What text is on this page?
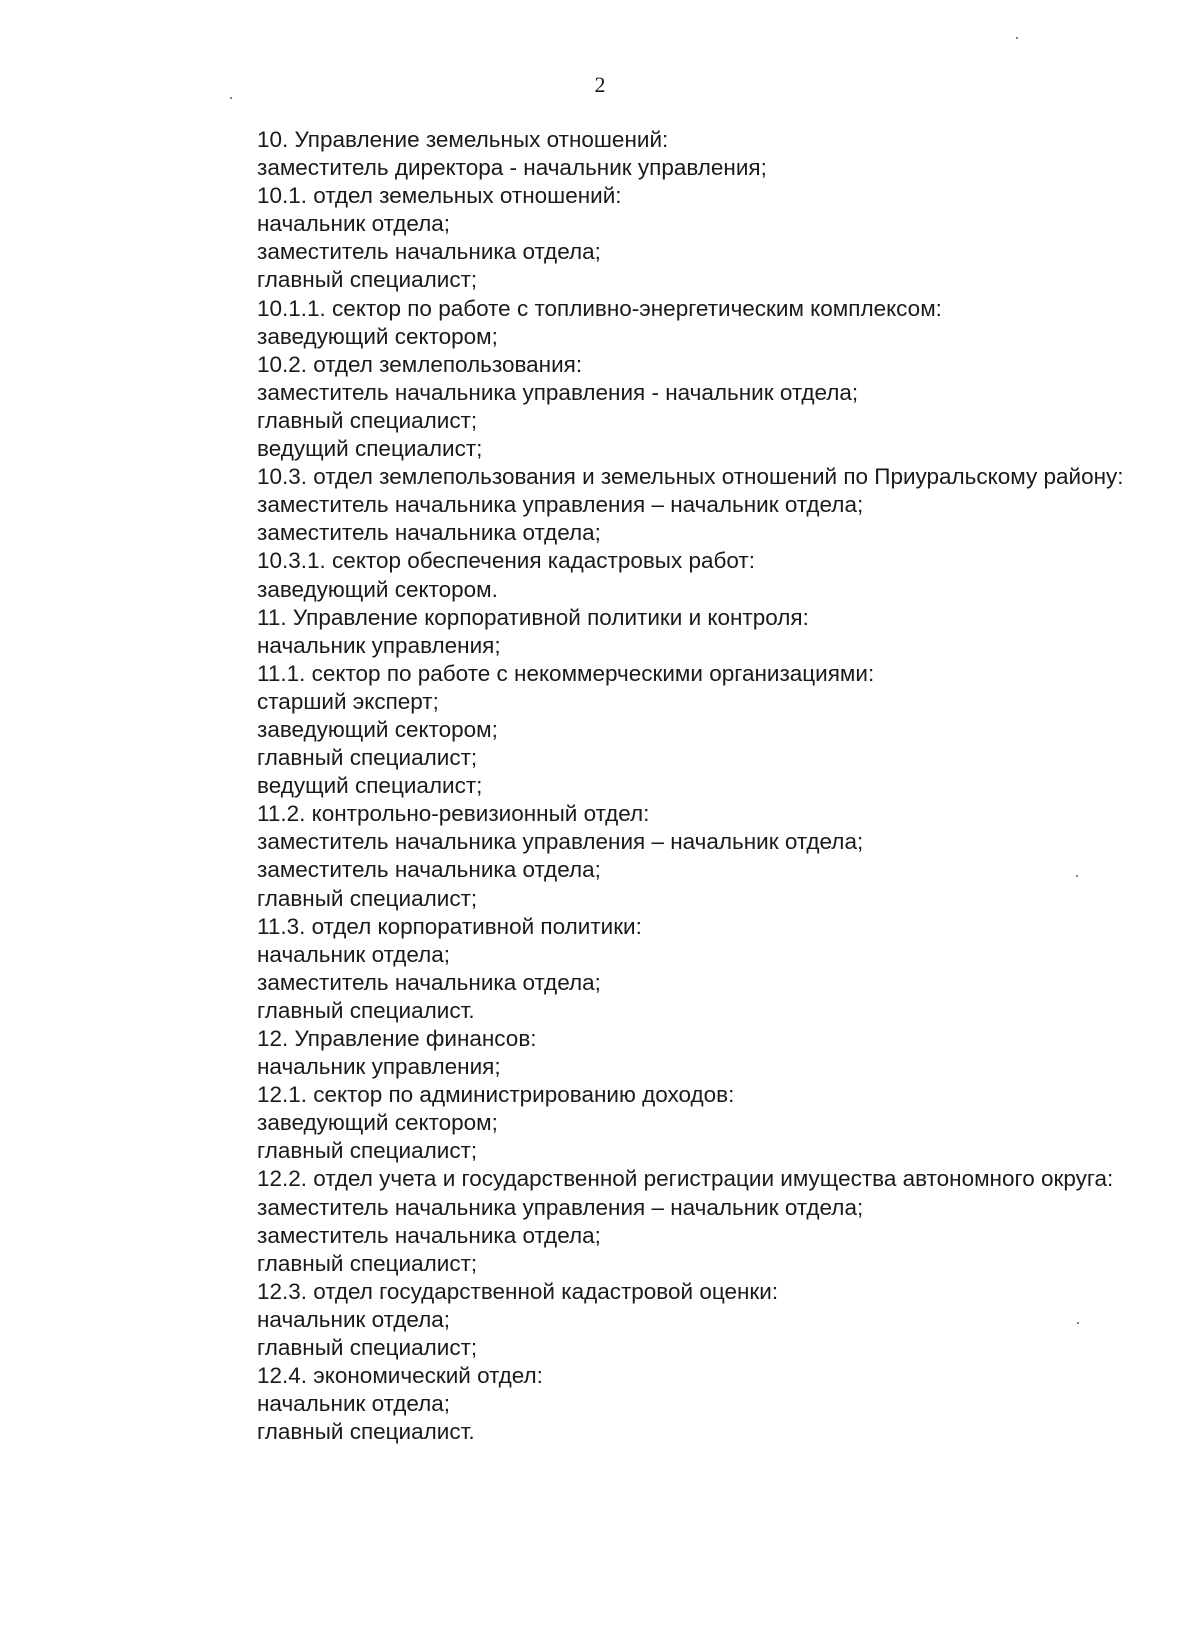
2
10. Управление земельных отношений:
заместитель директора - начальник управления;
10.1. отдел земельных отношений:
начальник отдела;
заместитель начальника отдела;
главный специалист;
10.1.1. сектор по работе с топливно-энергетическим комплексом:
заведующий сектором;
10.2. отдел землепользования:
заместитель начальника управления - начальник отдела;
главный специалист;
ведущий специалист;
10.3. отдел землепользования и земельных отношений по Приуральскому району:
заместитель начальника управления – начальник отдела;
заместитель начальника отдела;
10.3.1. сектор обеспечения кадастровых работ:
заведующий сектором.
11. Управление корпоративной политики и контроля:
начальник управления;
11.1. сектор по работе с некоммерческими организациями:
старший эксперт;
заведующий сектором;
главный специалист;
ведущий специалист;
11.2. контрольно-ревизионный отдел:
заместитель начальника управления – начальник отдела;
заместитель начальника отдела;
главный специалист;
11.3. отдел корпоративной политики:
начальник отдела;
заместитель начальника отдела;
главный специалист.
12. Управление финансов:
начальник управления;
12.1. сектор по администрированию доходов:
заведующий сектором;
главный специалист;
12.2. отдел учета и государственной регистрации имущества автономного округа:
заместитель начальника управления – начальник отдела;
заместитель начальника отдела;
главный специалист;
12.3. отдел государственной кадастровой оценки:
начальник отдела;
главный специалист;
12.4. экономический отдел:
начальник отдела;
главный специалист.
